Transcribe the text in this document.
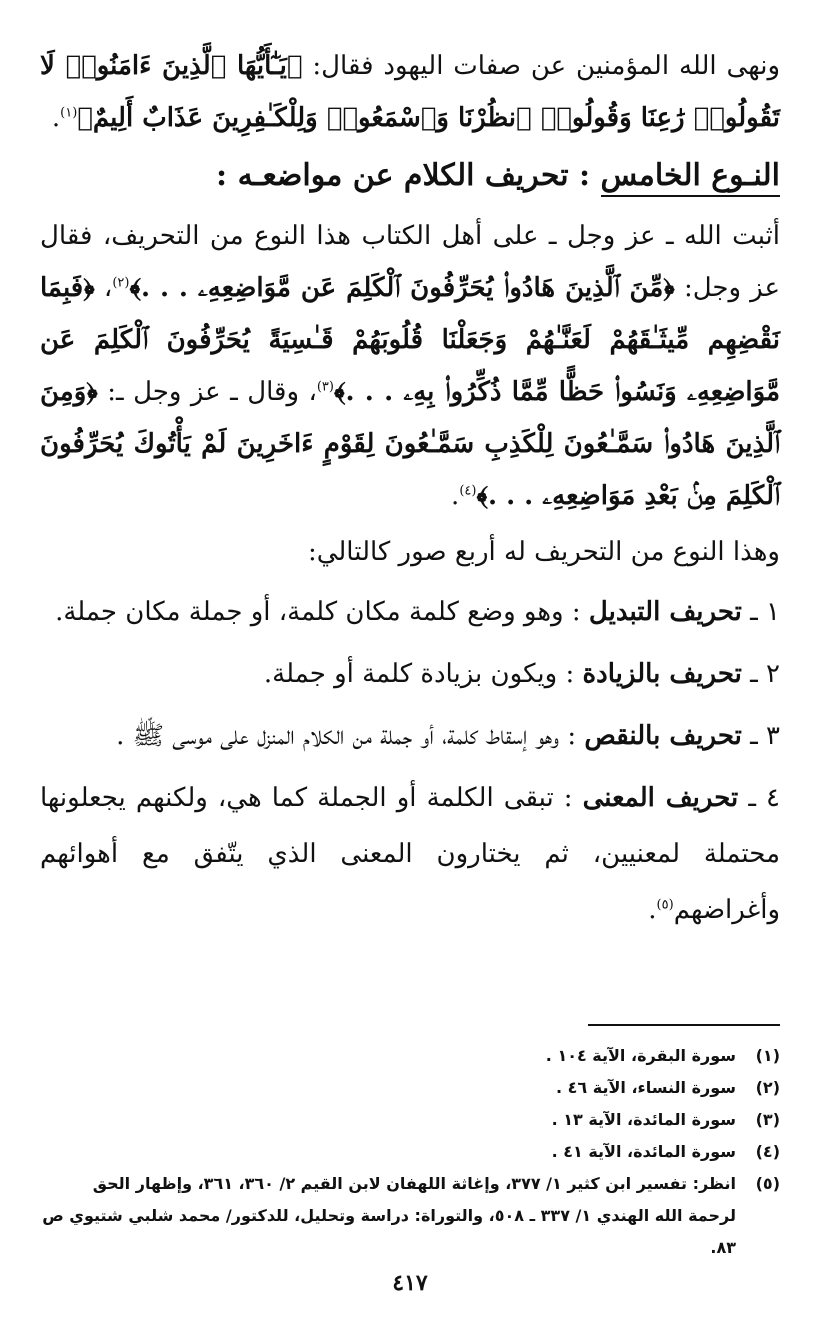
ونهى الله المؤمنين عن صفات اليهود فقال: ﴿يَـٰٓأَيُّهَا ٱلَّذِينَ ءَامَنُوا۟ لَا تَقُولُوا۟ رَٰعِنَا وَقُولُوا۟ ٱنظُرْنَا وَٱسْمَعُوا۟ وَلِلْكَـٰفِرِينَ عَذَابٌ أَلِيمٌ﴾$^{(١)}$.

النـوع الخامس : تحريف الكلام عن مواضعـه :

أثبت الله ـ عز وجل ـ على أهل الكتاب هذا النوع من التحريف، فقال عز وجل: ﴿مِّنَ ٱلَّذِينَ هَادُوا۟ يُحَرِّفُونَ ٱلْكَلِمَ عَن مَّوَاضِعِهِۦ . . .﴾$^{(٢)}$، ﴿فَبِمَا نَقْضِهِم مِّيثَـٰقَهُمْ لَعَنَّـٰهُمْ وَجَعَلْنَا قُلُوبَهُمْ قَـٰسِيَةً يُحَرِّفُونَ ٱلْكَلِمَ عَن مَّوَاضِعِهِۦ وَنَسُوا۟ حَظًّا مِّمَّا ذُكِّرُوا۟ بِهِۦ . . .﴾$^{(٣)}$، وقال ـ عز وجل ـ: ﴿وَمِنَ ٱلَّذِينَ هَادُوا۟ سَمَّـٰعُونَ لِلْكَذِبِ سَمَّـٰعُونَ لِقَوْمٍ ءَاخَرِينَ لَمْ يَأْتُوكَ يُحَرِّفُونَ ٱلْكَلِمَ مِنۢ بَعْدِ مَوَاضِعِهِۦ . . .﴾$^{(٤)}$.

وهذا النوع من التحريف له أربع صور كالتالي:

١ ـ تحريف التبديل : وهو وضع كلمة مكان كلمة، أو جملة مكان جملة.

٢ ـ تحريف بالزيادة : ويكون بزيادة كلمة أو جملة.

٣ ـ تحريف بالنقص : وهو إسقاط كلمة، أو جملة من الكلام المنزل على موسى ﷺ .

٤ ـ تحريف المعنى : تبقى الكلمة أو الجملة كما هي، ولكنهم يجعلونها محتملة لمعنيين، ثم يختارون المعنى الذي يتّفق مع أهوائهم وأغراضهم$^{(٥)}$.

(١)
سورة البقرة، الآية ١٠٤ .

(٢)
سورة النساء، الآية ٤٦ .

(٣)
سورة المائدة، الآية ١٣ .

(٤)
سورة المائدة، الآية ٤١ .

(٥)
انظر: تفسير ابن كثير ١/ ٣٧٧، وإغاثة اللهفان لابن القيم ٢/ ٣٦٠، ٣٦١، وإظهار الحق لرحمة الله الهندي ١/ ٣٣٧ ـ ٥٠٨، والتوراة: دراسة وتحليل، للدكتور/ محمد شلبي شتيوي ص ٨٣.

٤١٧
